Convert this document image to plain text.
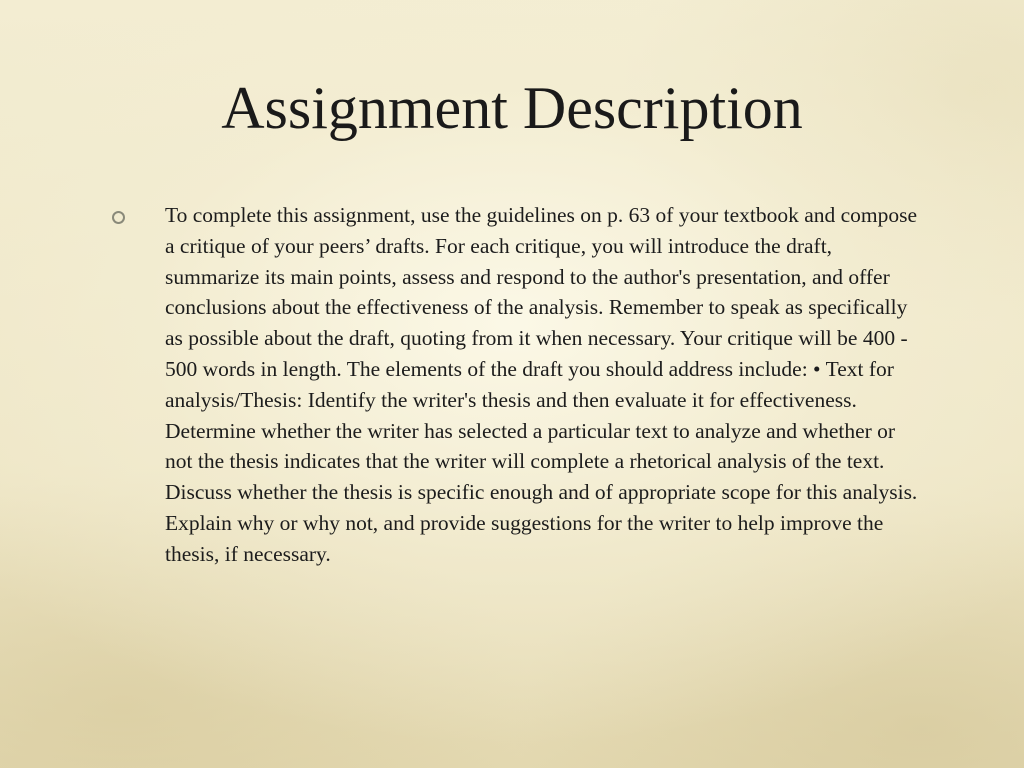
Assignment Description

To complete this assignment, use the guidelines on p. 63 of your textbook and compose a critique of your peers’ drafts. For each critique, you will introduce the draft, summarize its main points, assess and respond to the author's presentation, and offer conclusions about the effectiveness of the analysis. Remember to speak as specifically as possible about the draft, quoting from it when necessary. Your critique will be 400 - 500 words in length. The elements of the draft you should address include: • Text for analysis/Thesis: Identify the writer's thesis and then evaluate it for effectiveness. Determine whether the writer has selected a particular text to analyze and whether or not the thesis indicates that the writer will complete a rhetorical analysis of the text. Discuss whether the thesis is specific enough and of appropriate scope for this analysis. Explain why or why not, and provide suggestions for the writer to help improve the thesis, if necessary.
